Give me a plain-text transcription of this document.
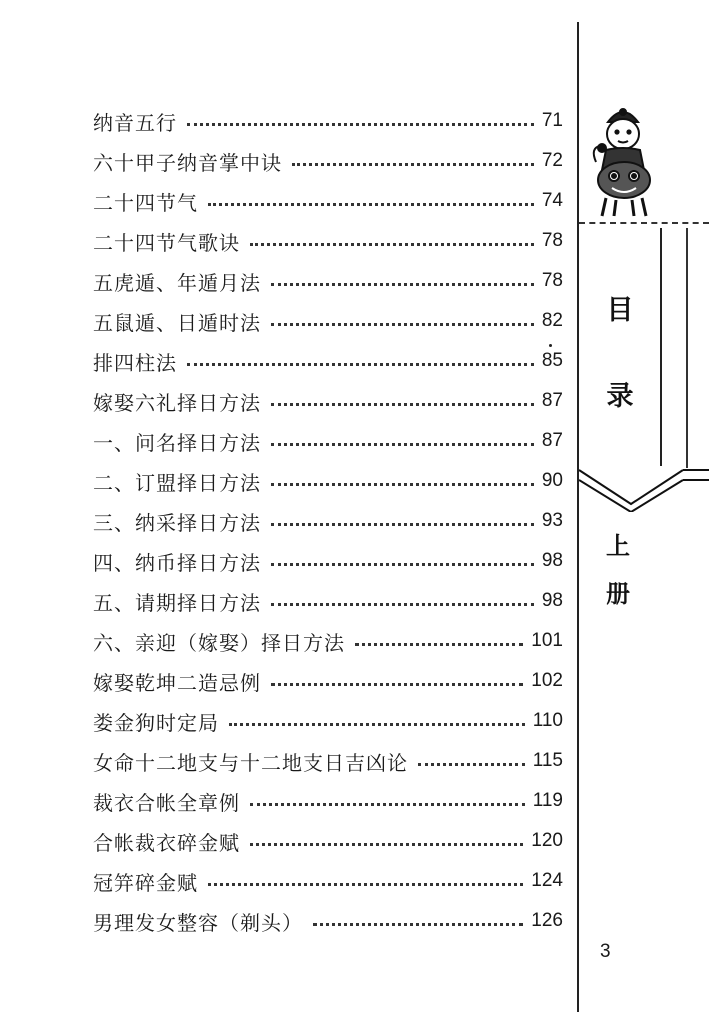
纳音五行	71
六十甲子纳音掌中诀	72
二十四节气	74
二十四节气歌诀	78
五虎遁、年遁月法	78
五鼠遁、日遁时法	82
排四柱法	85
嫁娶六礼择日方法	87
一、问名择日方法	87
二、订盟择日方法	90
三、纳采择日方法	93
四、纳币择日方法	98
五、请期择日方法	98
六、亲迎（嫁娶）择日方法	101
嫁娶乾坤二造忌例	102
娄金狗时定局	110
女命十二地支与十二地支日吉凶论	115
裁衣合帐全章例	119
合帐裁衣碎金赋	120
冠笄碎金赋	124
男理发女整容（剃头）	126
目
录
上
册
3
